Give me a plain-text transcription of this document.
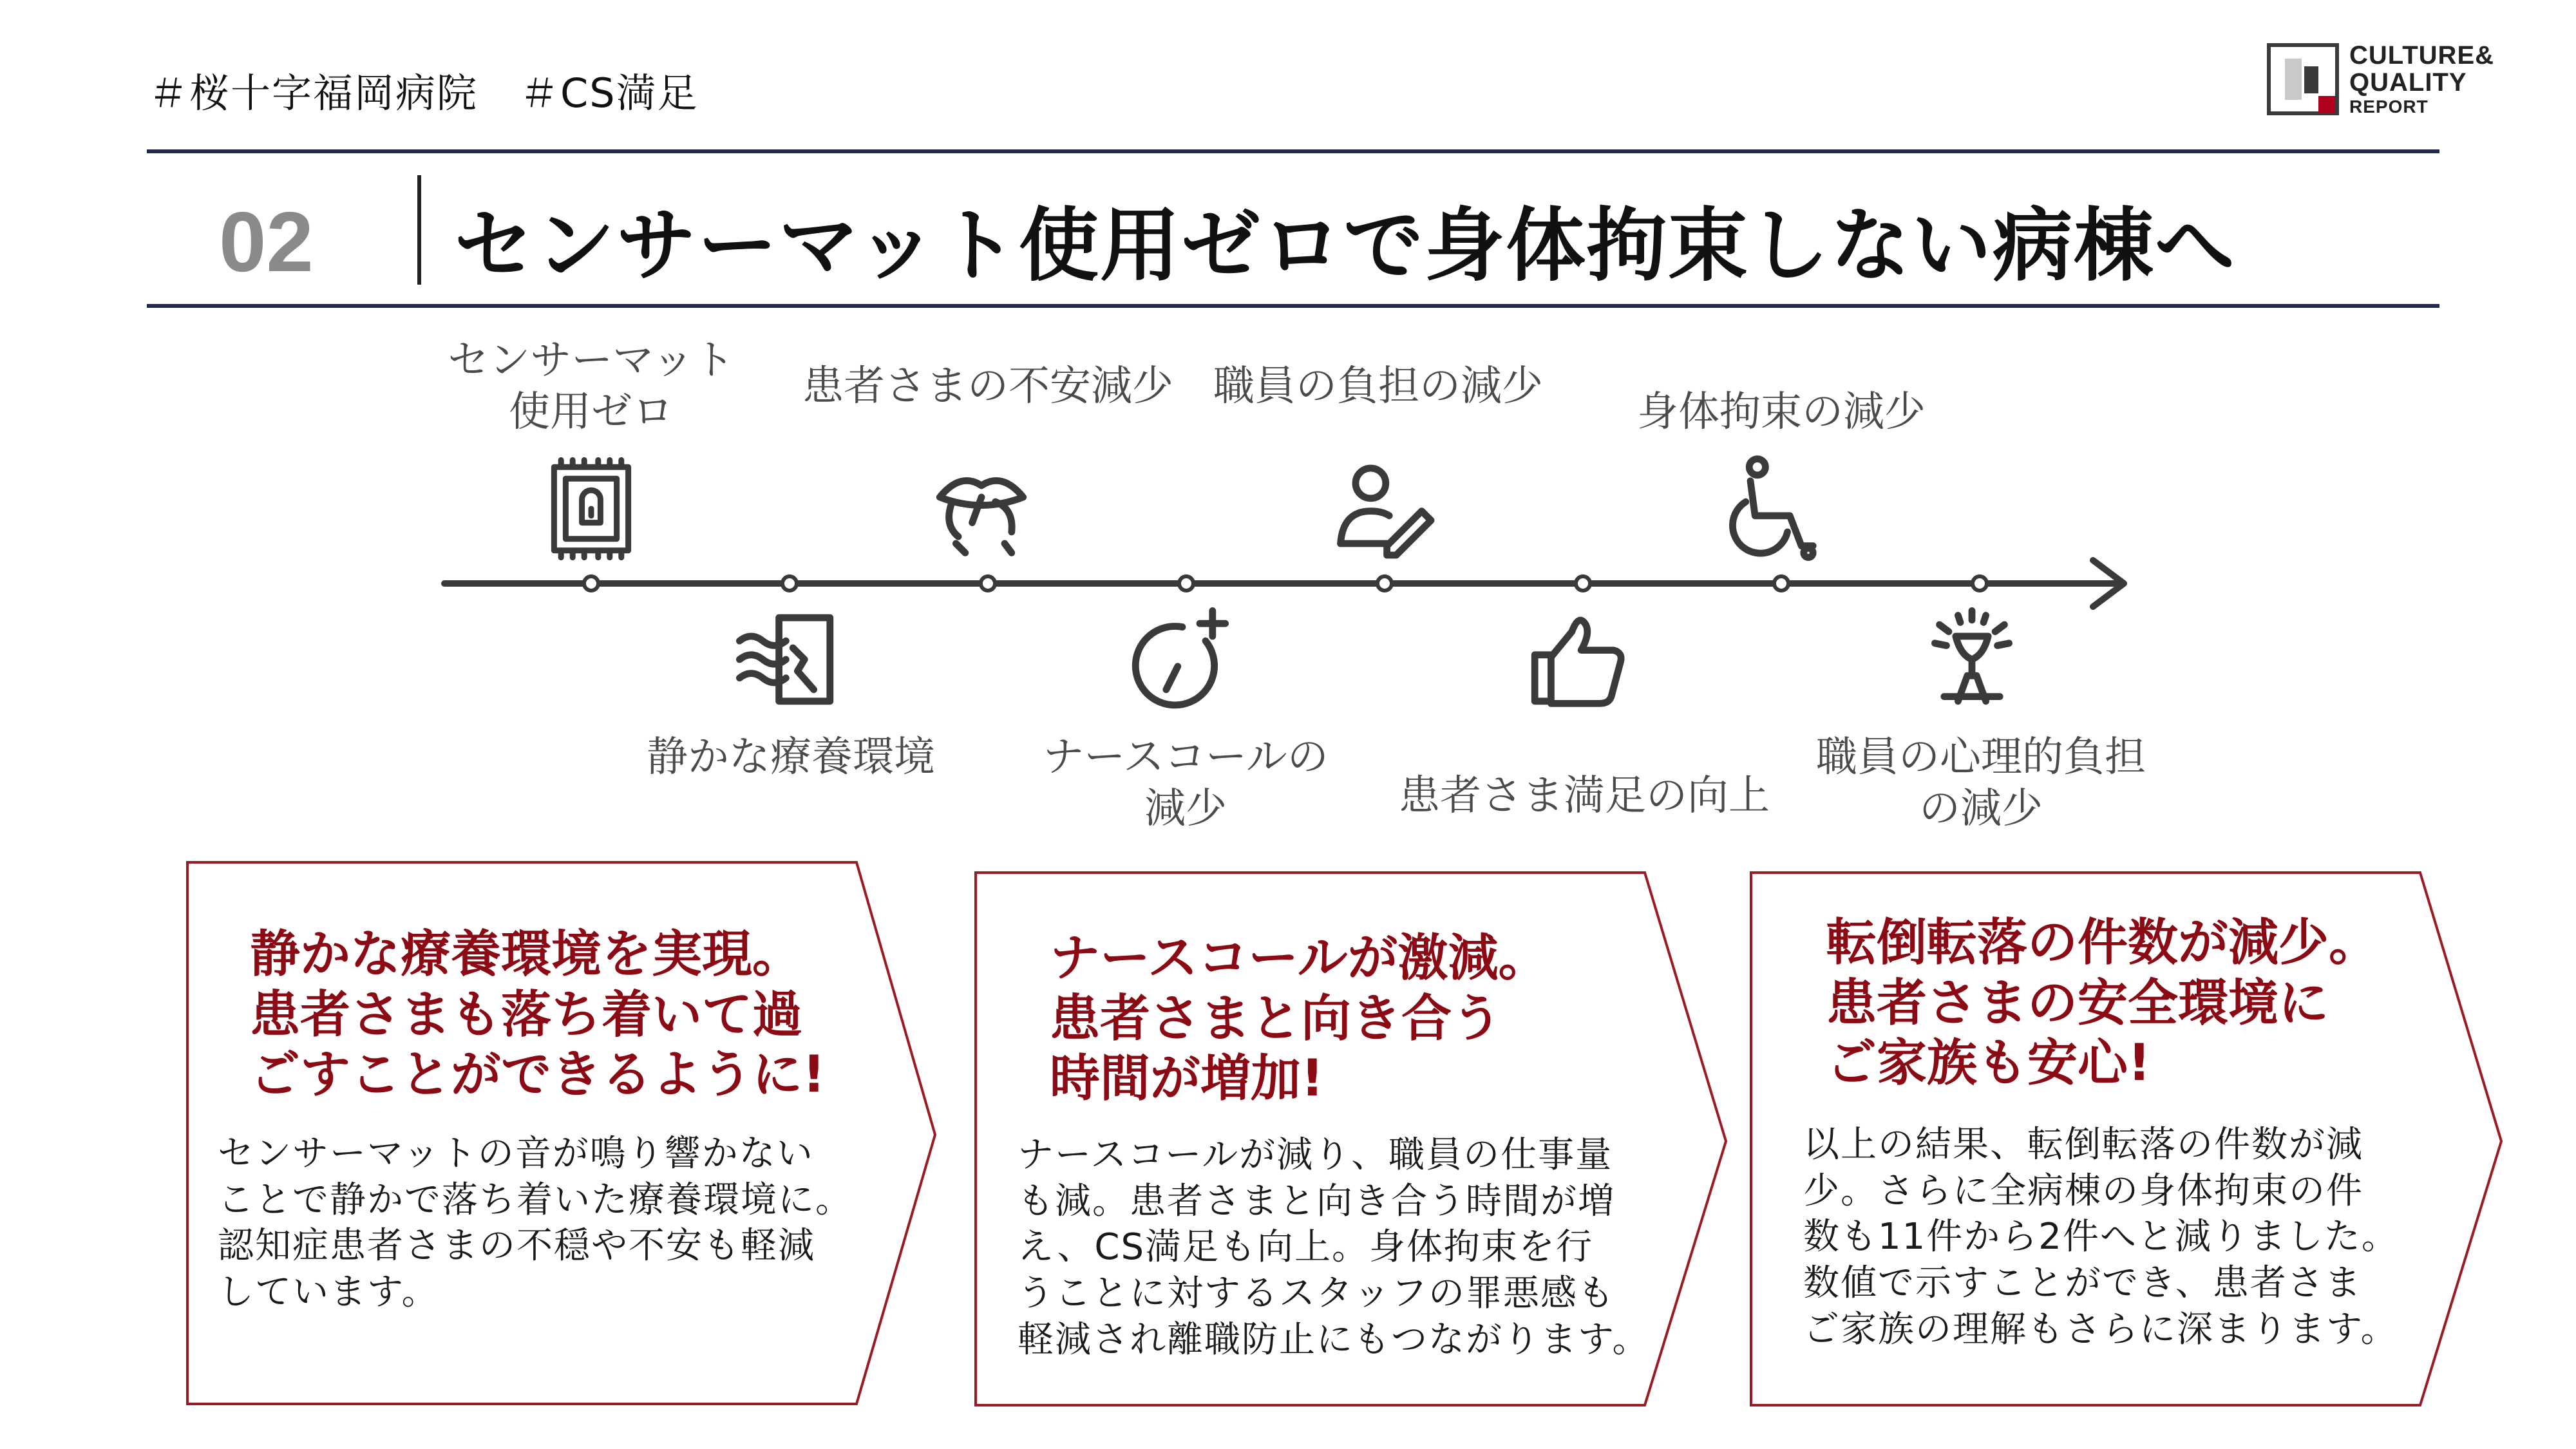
＃桜十字福岡病院　＃CS満足
CULTURE&
QUALITY
REPORT
02 センサーマット使用ゼロで身体拘束しない病棟へ
センサーマット
使用ゼロ
患者さまの不安減少 職員の負担の減少
身体拘束の減少
静かな療養環境	ナースコールの
減少	患者さま満足の向上
職員の心理的負担
の減少
静かな療養環境を実現。
患者さまも落ち着いて過
ごすことができるように!
センサーマットの音が鳴り響かない
ことで静かで落ち着いた療養環境に。
認知症患者さまの不穏や不安も軽減
しています。
ナースコールが激減。
患者さまと向き合う
時間が増加!
ナースコールが減り、職員の仕事量
も減。患者さまと向き合う時間が増
え、CS満足も向上。身体拘束を行
うことに対するスタッフの罪悪感も
軽減され離職防止にもつながります。
転倒転落の件数が減少。
患者さまの安全環境に
ご家族も安心!
以上の結果、転倒転落の件数が減
少。さらに全病棟の身体拘束の件
数も11件から2件へと減りました。
数値で示すことができ、患者さま
ご家族の理解もさらに深まります。
